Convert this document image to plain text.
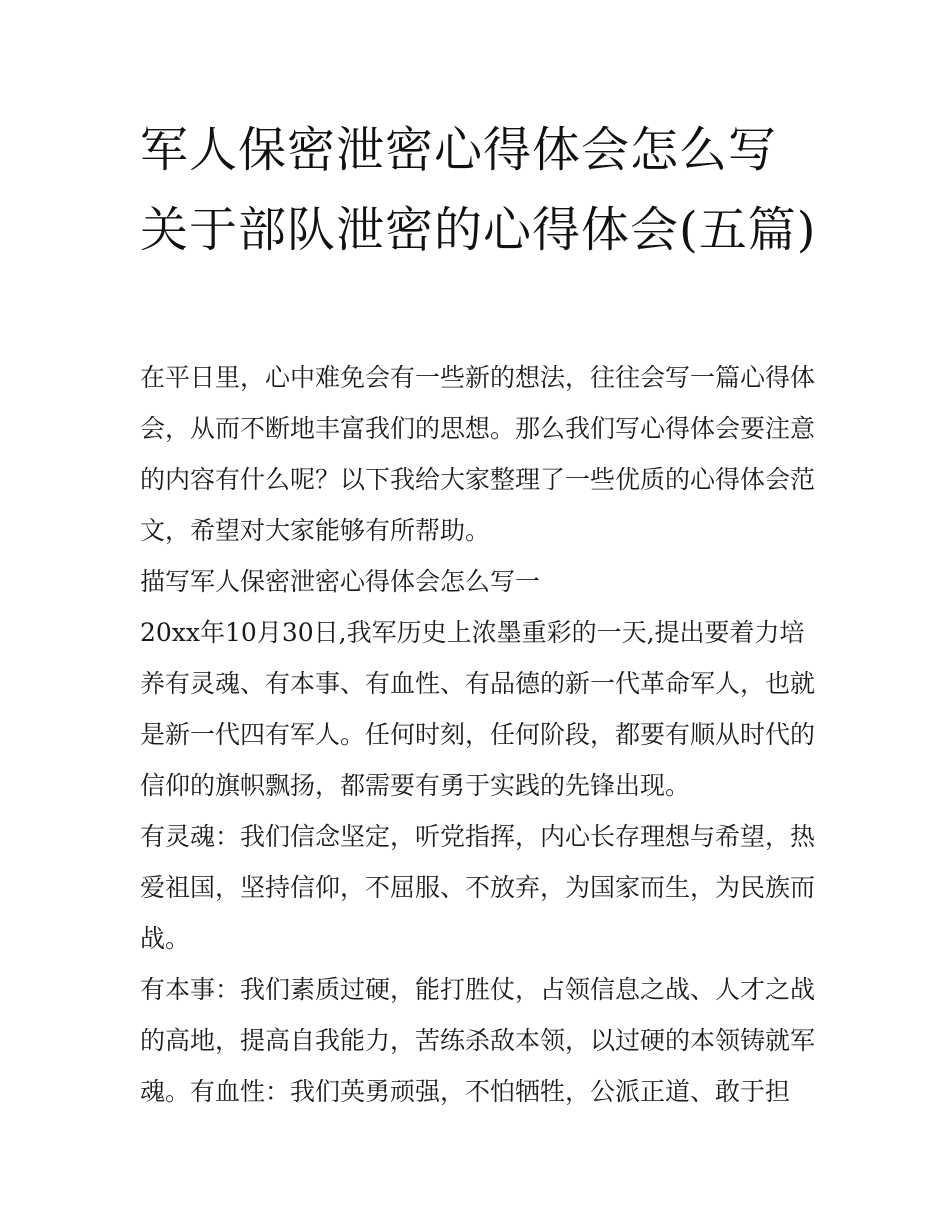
军人保密泄密心得体会怎么写关于部队泄密的心得体会(五篇)

在平日里，心中难免会有一些新的想法，往往会写一篇心得体会，从而不断地丰富我们的思想。那么我们写心得体会要注意的内容有什么呢？以下我给大家整理了一些优质的心得体会范文，希望对大家能够有所帮助。

描写军人保密泄密心得体会怎么写一

20xx年10月30日,我军历史上浓墨重彩的一天,提出要着力培养有灵魂、有本事、有血性、有品德的新一代革命军人，也就是新一代四有军人。任何时刻，任何阶段，都要有顺从时代的信仰的旗帜飘扬，都需要有勇于实践的先锋出现。

有灵魂：我们信念坚定，听党指挥，内心长存理想与希望，热爱祖国，坚持信仰，不屈服、不放弃，为国家而生，为民族而战。

有本事：我们素质过硬，能打胜仗，占领信息之战、人才之战的高地，提高自我能力，苦练杀敌本领，以过硬的本领铸就军魂。有血性：我们英勇顽强，不怕牺牲，公派正道、敢于担
